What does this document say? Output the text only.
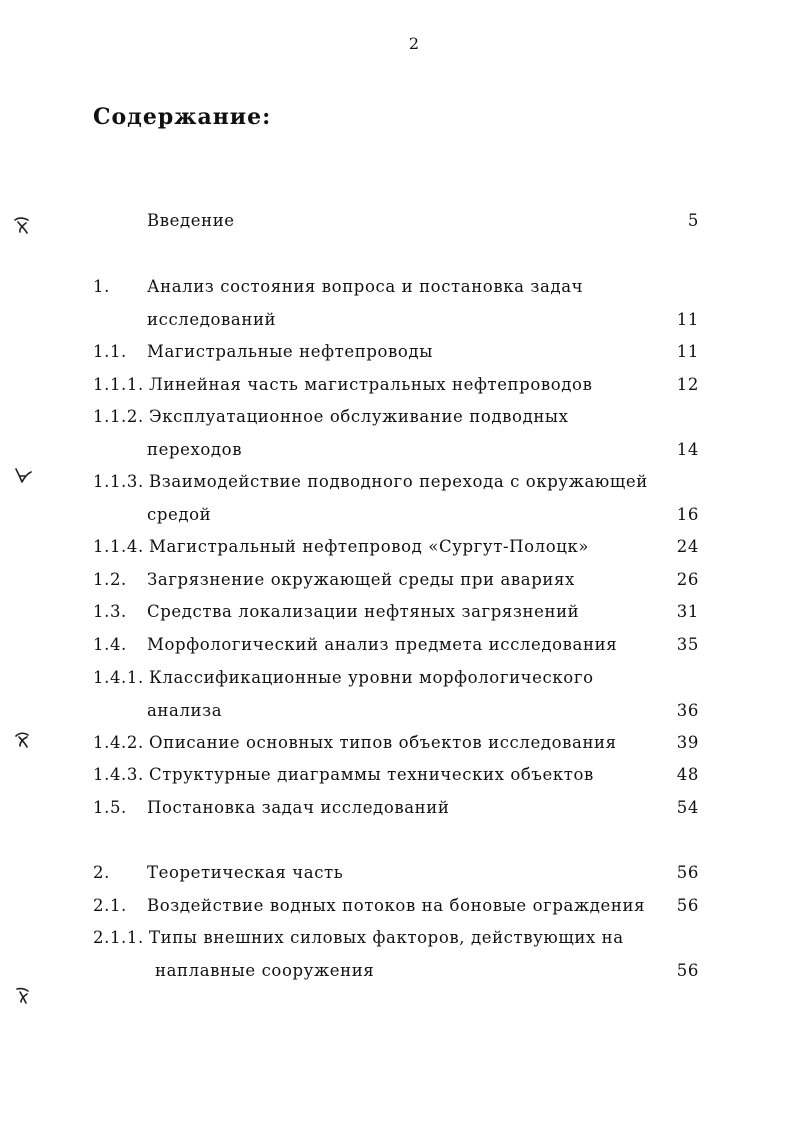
2
Содержание:
Введение	5
1. Анализ состояния вопроса и постановка задач
исследований	11
1.1. Магистральные нефтепроводы	11
1.1.1. Линейная часть магистральных нефтепроводов	12
1.1.2. Эксплуатационное обслуживание подводных
переходов	14
1.1.3. Взаимодействие подводного перехода с окружающей
средой	16
1.1.4. Магистральный нефтепровод «Сургут-Полоцк»	24
1.2. Загрязнение окружающей среды при авариях	26
1.3. Средства локализации нефтяных загрязнений	31
1.4. Морфологический анализ предмета исследования	35
1.4.1. Классификационные уровни морфологического
анализа	36
1.4.2. Описание основных типов объектов исследования	39
1.4.3. Структурные диаграммы технических объектов	48
1.5. Постановка задач исследований	54
2. Теоретическая часть	56
2.1. Воздействие водных потоков на боновые ограждения 56
2.1.1. Типы внешних силовых факторов, действующих на
наплавные сооружения	56
